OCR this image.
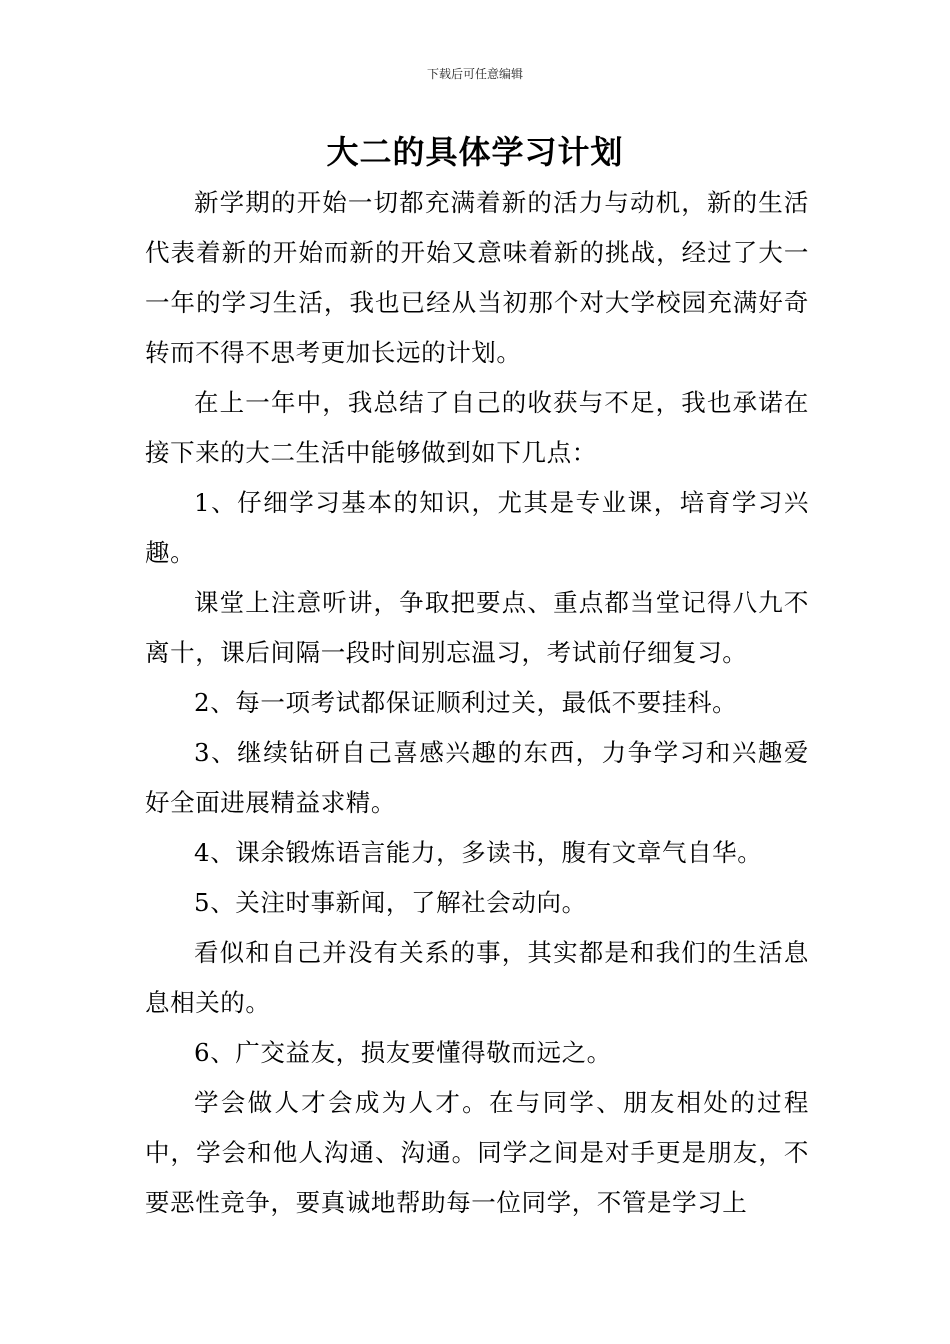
下载后可任意编辑
大二的具体学习计划

新学期的开始一切都充满着新的活力与动机，新的生活代表着新的开始而新的开始又意味着新的挑战，经过了大一一年的学习生活，我也已经从当初那个对大学校园充满好奇转而不得不思考更加长远的计划。

在上一年中，我总结了自己的收获与不足，我也承诺在接下来的大二生活中能够做到如下几点：

1、仔细学习基本的知识，尤其是专业课，培育学习兴趣。

课堂上注意听讲，争取把要点、重点都当堂记得八九不离十，课后间隔一段时间别忘温习，考试前仔细复习。

2、每一项考试都保证顺利过关，最低不要挂科。

3、继续钻研自己喜感兴趣的东西，力争学习和兴趣爱好全面进展精益求精。

4、课余锻炼语言能力，多读书，腹有文章气自华。

5、关注时事新闻，了解社会动向。

看似和自己并没有关系的事，其实都是和我们的生活息息相关的。

6、广交益友，损友要懂得敬而远之。

学会做人才会成为人才。在与同学、朋友相处的过程中，学会和他人沟通、沟通。同学之间是对手更是朋友，不要恶性竞争，要真诚地帮助每一位同学，不管是学习上
